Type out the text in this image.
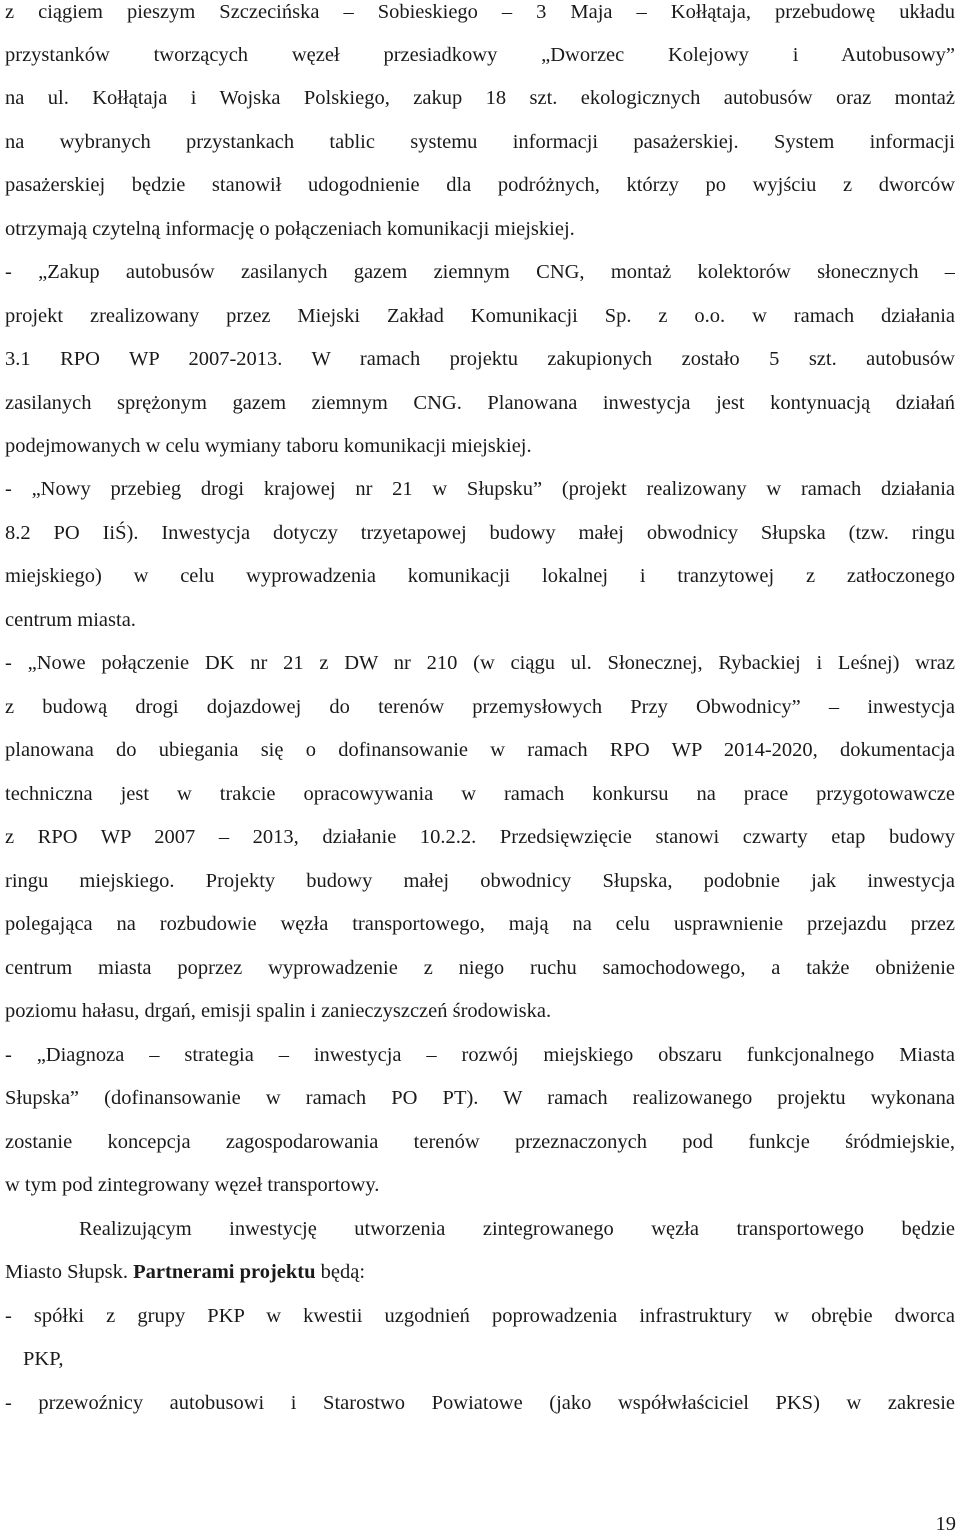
z ciągiem pieszym Szczecińska – Sobieskiego – 3 Maja – Kołłątaja, przebudowę układu
przystanków tworzących węzeł przesiadkowy „Dworzec Kolejowy i Autobusowy”
na ul. Kołłątaja i Wojska Polskiego, zakup 18 szt. ekologicznych autobusów oraz montaż
na wybranych przystankach tablic systemu informacji pasażerskiej. System informacji
pasażerskiej będzie stanowił udogodnienie dla podróżnych, którzy po wyjściu z dworców
otrzymają czytelną informację o połączeniach komunikacji miejskiej.
- „Zakup autobusów zasilanych gazem ziemnym CNG, montaż kolektorów słonecznych –
projekt zrealizowany przez Miejski Zakład Komunikacji Sp. z o.o. w ramach działania
3.1 RPO WP 2007-2013. W ramach projektu zakupionych zostało 5 szt. autobusów
zasilanych sprężonym gazem ziemnym CNG. Planowana inwestycja jest kontynuacją działań
podejmowanych w celu wymiany taboru komunikacji miejskiej.
- „Nowy przebieg drogi krajowej nr 21 w Słupsku” (projekt realizowany w ramach działania
8.2 PO IiŚ). Inwestycja dotyczy trzyetapowej budowy małej obwodnicy Słupska (tzw. ringu
miejskiego) w celu wyprowadzenia komunikacji lokalnej i tranzytowej z zatłoczonego
centrum miasta.
- „Nowe połączenie DK nr 21 z DW nr 210 (w ciągu ul. Słonecznej, Rybackiej i Leśnej) wraz
z budową drogi dojazdowej do terenów przemysłowych Przy Obwodnicy” – inwestycja
planowana do ubiegania się o dofinansowanie w ramach RPO WP 2014-2020, dokumentacja
techniczna jest w trakcie opracowywania w ramach konkursu na prace przygotowawcze
z RPO WP 2007 – 2013, działanie 10.2.2. Przedsięwzięcie stanowi czwarty etap budowy
ringu miejskiego. Projekty budowy małej obwodnicy Słupska, podobnie jak inwestycja
polegająca na rozbudowie węzła transportowego, mają na celu usprawnienie przejazdu przez
centrum miasta poprzez wyprowadzenie z niego ruchu samochodowego, a także obniżenie
poziomu hałasu, drgań, emisji spalin i zanieczyszczeń środowiska.
- „Diagnoza – strategia – inwestycja – rozwój miejskiego obszaru funkcjonalnego Miasta
Słupska” (dofinansowanie w ramach PO PT). W ramach realizowanego projektu wykonana
zostanie koncepcja zagospodarowania terenów przeznaczonych pod funkcje śródmiejskie,
w tym pod zintegrowany węzeł transportowy.
Realizującym inwestycję utworzenia zintegrowanego węzła transportowego będzie
Miasto Słupsk. Partnerami projektu będą:
- spółki z grupy PKP w kwestii uzgodnień poprowadzenia infrastruktury w obrębie dworca
PKP,
- przewoźnicy autobusowi i Starostwo Powiatowe (jako współwłaściciel PKS) w zakresie
19
